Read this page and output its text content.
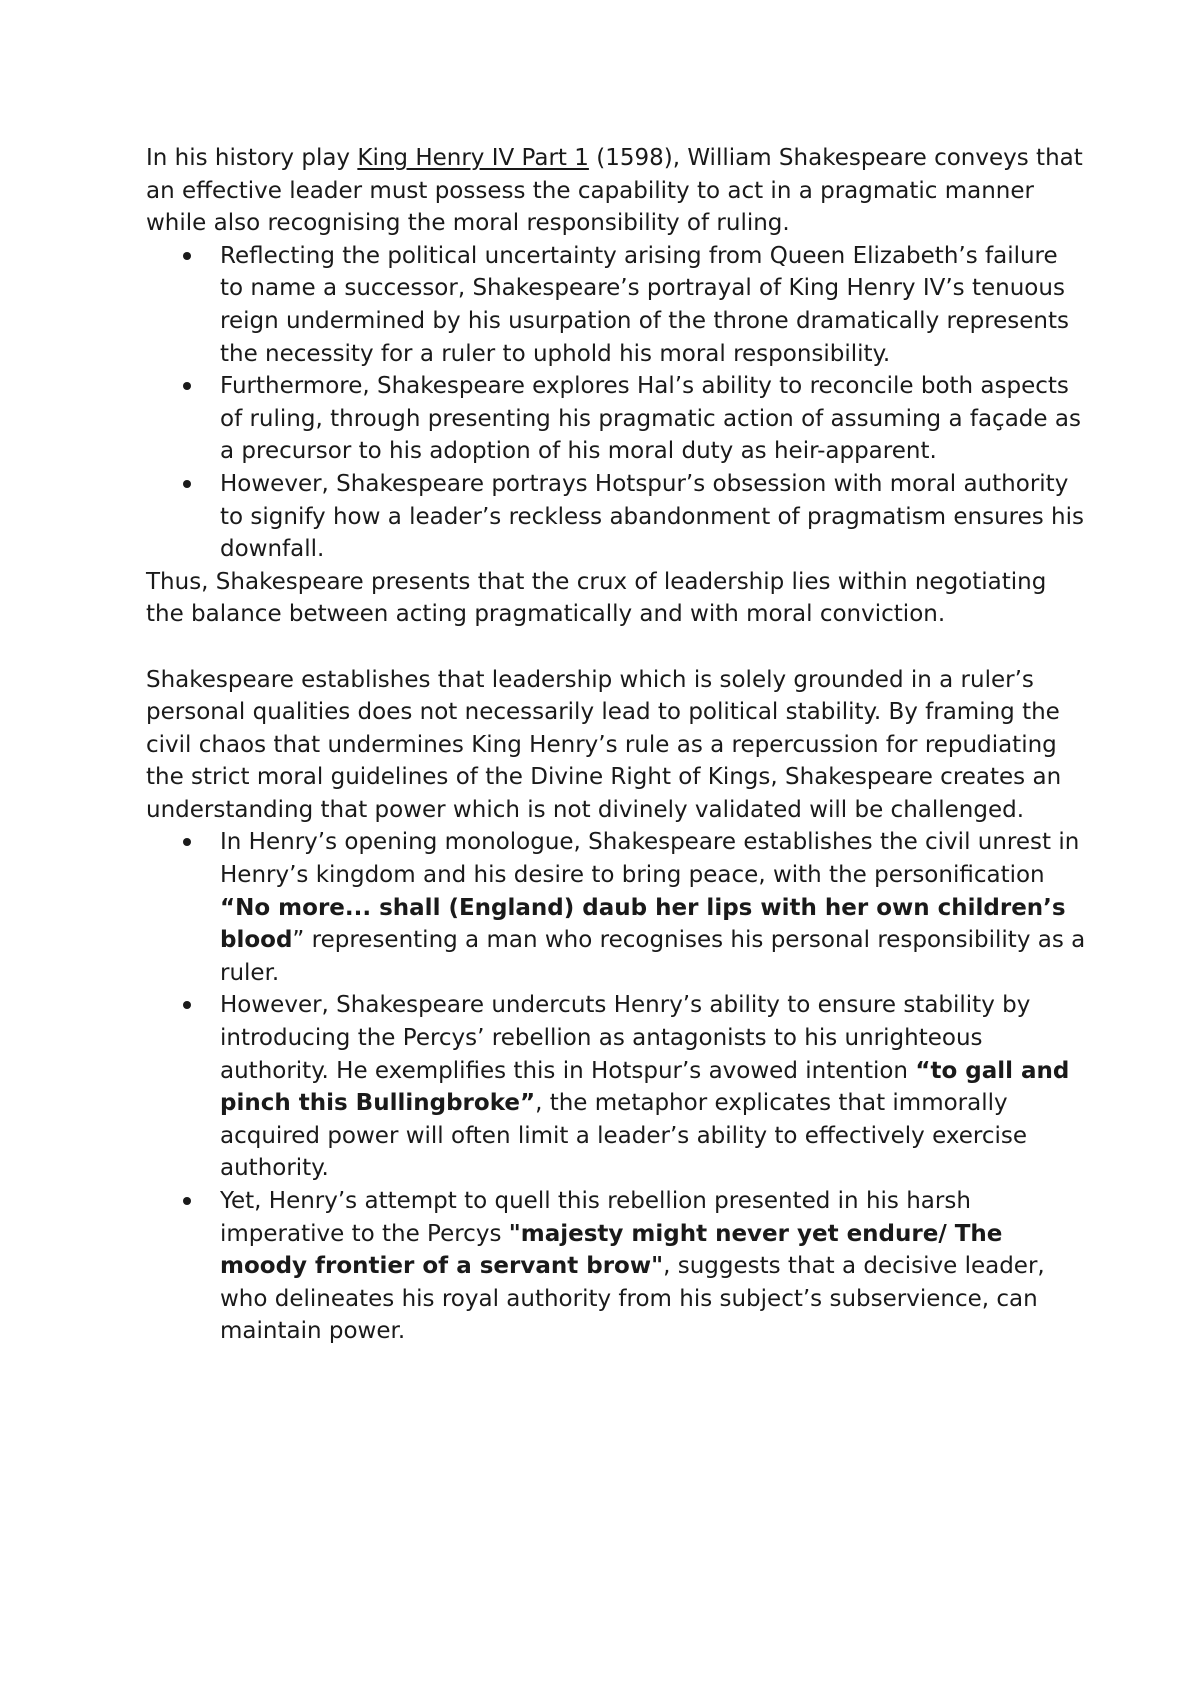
In his history play King Henry IV Part 1 (1598), William Shakespeare conveys that an effective leader must possess the capability to act in a pragmatic manner while also recognising the moral responsibility of ruling.

Reflecting the political uncertainty arising from Queen Elizabeth’s failure to name a successor, Shakespeare’s portrayal of King Henry IV’s tenuous reign undermined by his usurpation of the throne dramatically represents the necessity for a ruler to uphold his moral responsibility.
Furthermore, Shakespeare explores Hal’s ability to reconcile both aspects of ruling, through presenting his pragmatic action of assuming a façade as a precursor to his adoption of his moral duty as heir-apparent.
However, Shakespeare portrays Hotspur’s obsession with moral authority to signify how a leader’s reckless abandonment of pragmatism ensures his downfall.

Thus, Shakespeare presents that the crux of leadership lies within negotiating the balance between acting pragmatically and with moral conviction.

Shakespeare establishes that leadership which is solely grounded in a ruler’s personal qualities does not necessarily lead to political stability. By framing the civil chaos that undermines King Henry’s rule as a repercussion for repudiating the strict moral guidelines of the Divine Right of Kings, Shakespeare creates an understanding that power which is not divinely validated will be challenged.

In Henry’s opening monologue, Shakespeare establishes the civil unrest in Henry’s kingdom and his desire to bring peace, with the personification “No more... shall (England) daub her lips with her own children’s blood” representing a man who recognises his personal responsibility as a ruler.
However, Shakespeare undercuts Henry’s ability to ensure stability by introducing the Percys’ rebellion as antagonists to his unrighteous authority. He exemplifies this in Hotspur’s avowed intention “to gall and pinch this Bullingbroke”, the metaphor explicates that immorally acquired power will often limit a leader’s ability to effectively exercise authority.
Yet, Henry’s attempt to quell this rebellion presented in his harsh imperative to the Percys "majesty might never yet endure/ The moody frontier of a servant brow", suggests that a decisive leader, who delineates his royal authority from his subject’s subservience, can maintain power.
